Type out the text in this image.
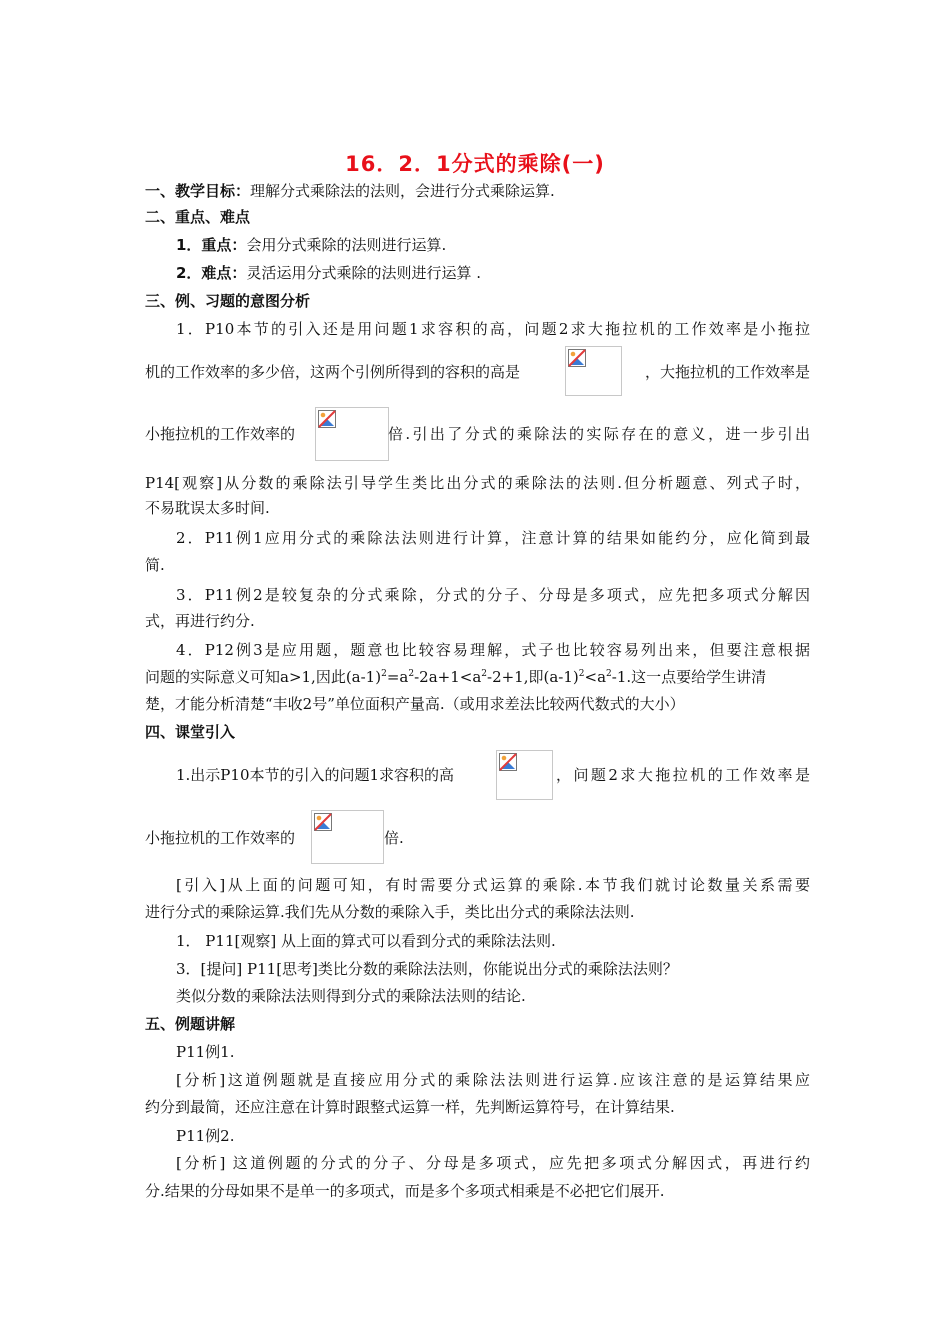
16．2．1分式的乘除(一)
一、教学目标：理解分式乘除法的法则，会进行分式乘除运算.
二、重点、难点
1．重点：会用分式乘除的法则进行运算.
2．难点：灵活运用分式乘除的法则进行运算 .
三、例、习题的意图分析
1．P10本节的引入还是用问题1求容积的高，问题2求大拖拉机的工作效率是小拖拉
机的工作效率的多少倍，这两个引例所得到的容积的高是	，大拖拉机的工作效率是
小拖拉机的工作效率的	倍.引出了分式的乘除法的实际存在的意义，进一步引出
P14[观察]从分数的乘除法引导学生类比出分式的乘除法的法则.但分析题意、列式子时，
不易耽误太多时间.
2．P11例1应用分式的乘除法法则进行计算，注意计算的结果如能约分，应化简到最
简.
3．P11例2是较复杂的分式乘除，分式的分子、分母是多项式，应先把多项式分解因
式，再进行约分.
4．P12例3是应用题，题意也比较容易理解，式子也比较容易列出来，但要注意根据
问题的实际意义可知a>1,因此$(a-1)^2=a^2-2a+1<a^2-2+1$,即$(a-1)^2<a^2-1$.这一点要给学生讲清
楚，才能分析清楚“丰收2号”单位面积产量高.（或用求差法比较两代数式的大小）
四、课堂引入
1.出示P10本节的引入的问题1求容积的高	，问题2求大拖拉机的工作效率是
小拖拉机的工作效率的	倍.
[引入]从上面的问题可知，有时需要分式运算的乘除.本节我们就讨论数量关系需要
进行分式的乘除运算.我们先从分数的乘除入手，类比出分式的乘除法法则.
1． P11[观察] 从上面的算式可以看到分式的乘除法法则.
3．[提问] P11[思考]类比分数的乘除法法则，你能说出分式的乘除法法则？
类似分数的乘除法法则得到分式的乘除法法则的结论.
五、例题讲解
P11例1.
[分析]这道例题就是直接应用分式的乘除法法则进行运算.应该注意的是运算结果应
约分到最简，还应注意在计算时跟整式运算一样，先判断运算符号，在计算结果.
P11例2.
[分析] 这道例题的分式的分子、分母是多项式，应先把多项式分解因式，再进行约
分.结果的分母如果不是单一的多项式，而是多个多项式相乘是不必把它们展开.
